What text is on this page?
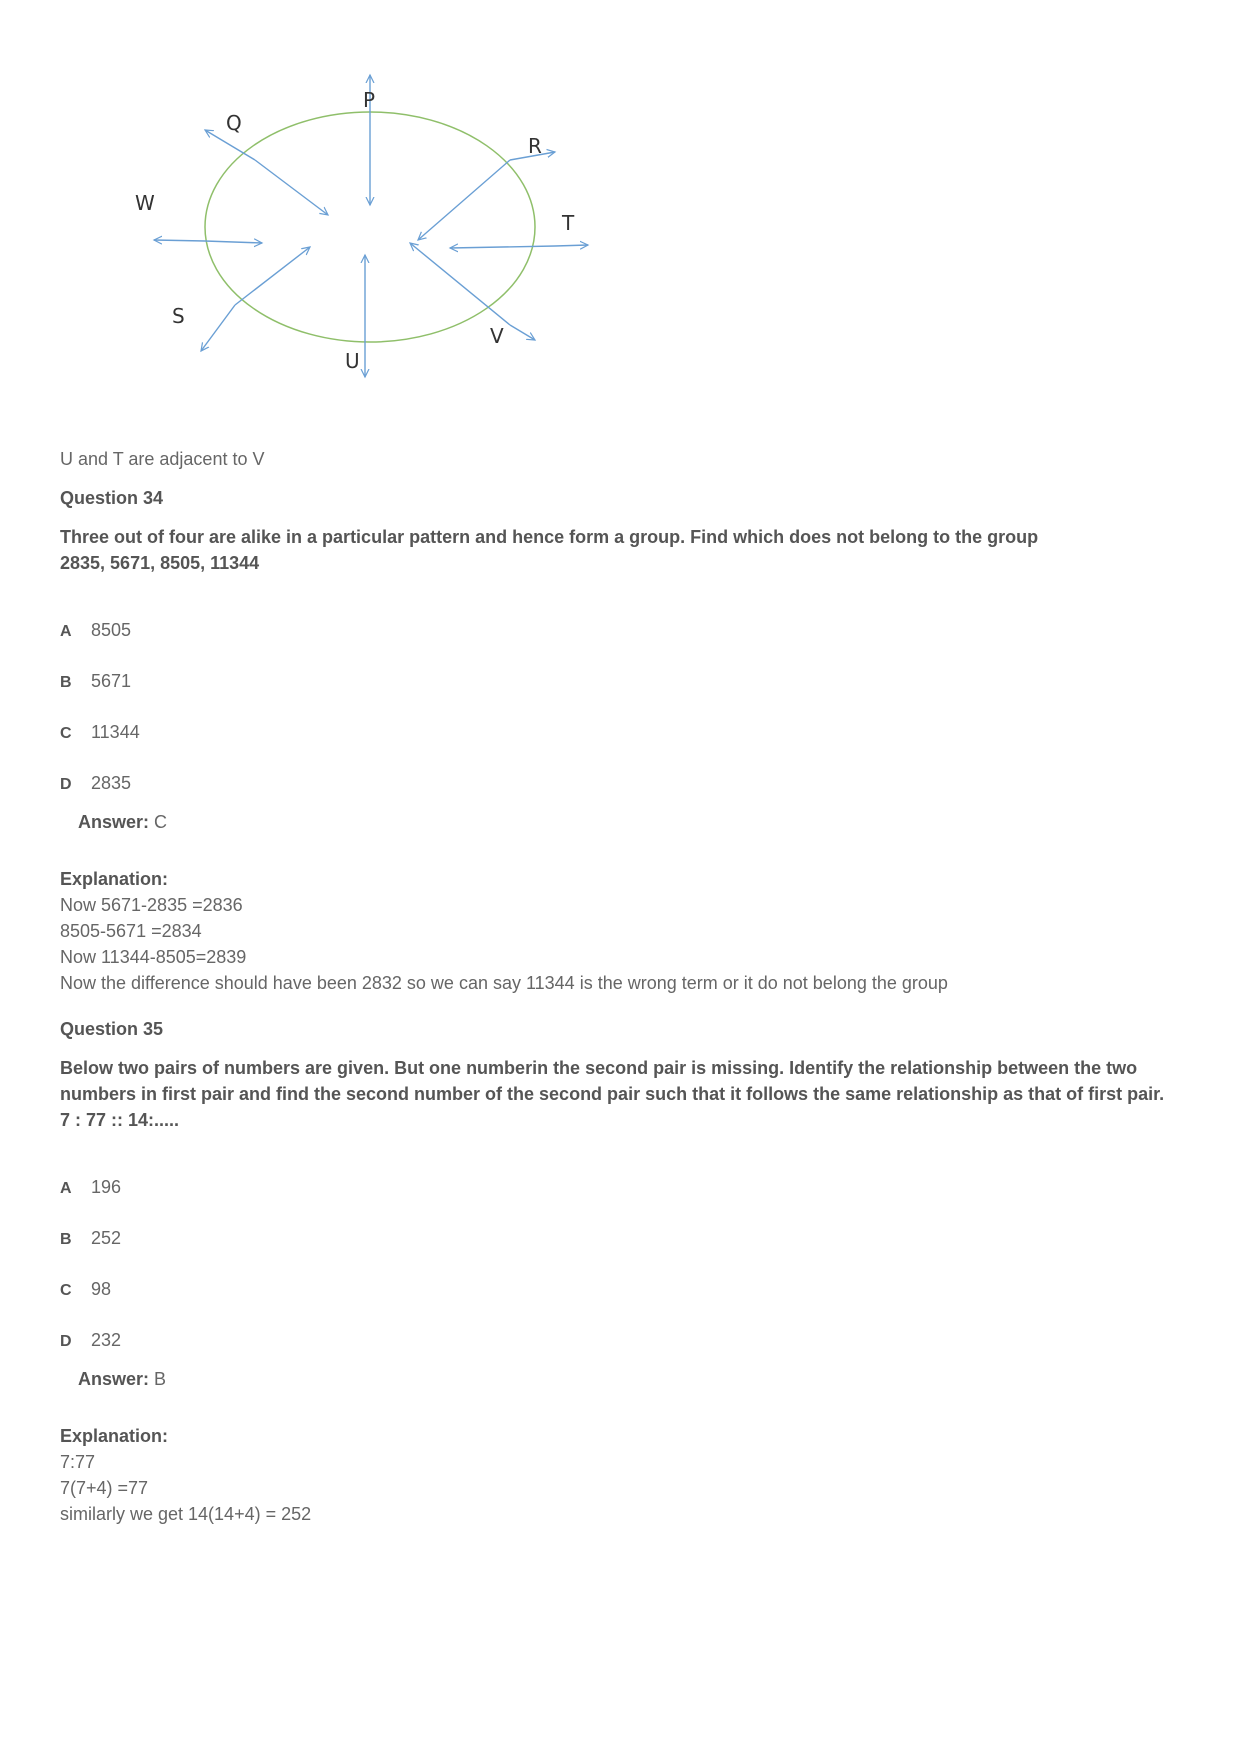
P
Q
R
T
W
S
U
V
U and T are adjacent to V
Question 34
Three out of four are alike in a particular pattern and hence form a group. Find which does not belong to the group
2835, 5671, 8505, 11344
A 8505
B 5671
C 11344
D 2835
Answer: C
Explanation:
Now 5671-2835 =2836
8505-5671 =2834
Now 11344-8505=2839
Now the difference should have been 2832 so we can say 11344 is the wrong term or it do not belong the group
Question 35
Below two pairs of numbers are given. But one numberin the second pair is missing. Identify the relationship between the two
numbers in first pair and find the second number of the second pair such that it follows the same relationship as that of first pair.
7 : 77 :: 14:.....
A 196
B 252
C 98
D 232
Answer: B
Explanation:
7:77
7(7+4) =77
similarly we get 14(14+4) = 252
